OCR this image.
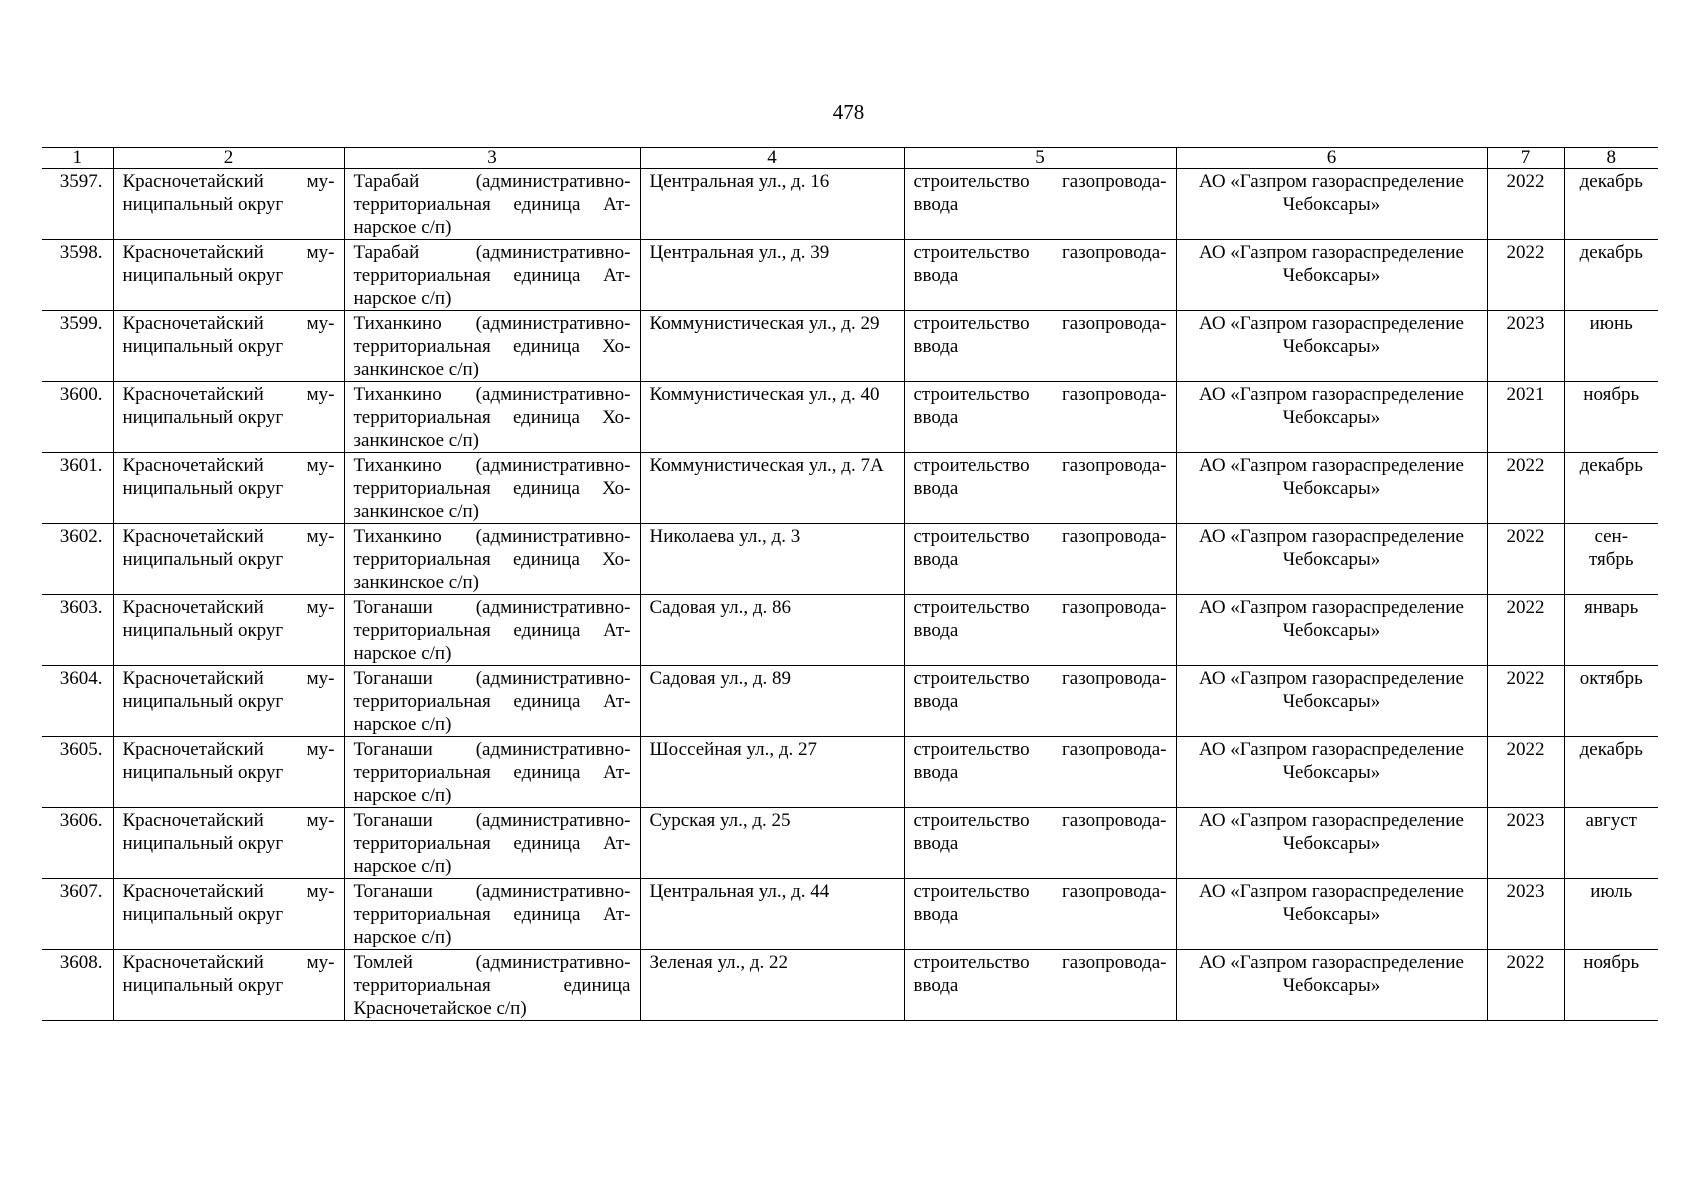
478
1	2	3	4	5	6	7	8
3597.	Красночетайский му-ниципальный округ	Тарабай (административно-территориальная единица Ат-нарское с/п)	Центральная ул., д. 16	строительство газопровода-ввода	АО «Газпром газораспределение Чебоксары»	2022	декабрь
3598.	Красночетайский му-ниципальный округ	Тарабай (административно-территориальная единица Ат-нарское с/п)	Центральная ул., д. 39	строительство газопровода-ввода	АО «Газпром газораспределение Чебоксары»	2022	декабрь
3599.	Красночетайский му-ниципальный округ	Тиханкино (административно-территориальная единица Хо-занкинское с/п)	Коммунистическая ул., д. 29	строительство газопровода-ввода	АО «Газпром газораспределение Чебоксары»	2023	июнь
3600.	Красночетайский му-ниципальный округ	Тиханкино (административно-территориальная единица Хо-занкинское с/п)	Коммунистическая ул., д. 40	строительство газопровода-ввода	АО «Газпром газораспределение Чебоксары»	2021	ноябрь
3601.	Красночетайский му-ниципальный округ	Тиханкино (административно-территориальная единица Хо-занкинское с/п)	Коммунистическая ул., д. 7А	строительство газопровода-ввода	АО «Газпром газораспределение Чебоксары»	2022	декабрь
3602.	Красночетайский му-ниципальный округ	Тиханкино (административно-территориальная единица Хо-занкинское с/п)	Николаева ул., д. 3	строительство газопровода-ввода	АО «Газпром газораспределение Чебоксары»	2022	сен-тябрь
3603.	Красночетайский му-ниципальный округ	Тоганаши (административно-территориальная единица Ат-нарское с/п)	Садовая ул., д. 86	строительство газопровода-ввода	АО «Газпром газораспределение Чебоксары»	2022	январь
3604.	Красночетайский му-ниципальный округ	Тоганаши (административно-территориальная единица Ат-нарское с/п)	Садовая ул., д. 89	строительство газопровода-ввода	АО «Газпром газораспределение Чебоксары»	2022	октябрь
3605.	Красночетайский му-ниципальный округ	Тоганаши (административно-территориальная единица Ат-нарское с/п)	Шоссейная ул., д. 27	строительство газопровода-ввода	АО «Газпром газораспределение Чебоксары»	2022	декабрь
3606.	Красночетайский му-ниципальный округ	Тоганаши (административно-территориальная единица Ат-нарское с/п)	Сурская ул., д. 25	строительство газопровода-ввода	АО «Газпром газораспределение Чебоксары»	2023	август
3607.	Красночетайский му-ниципальный округ	Тоганаши (административно-территориальная единица Ат-нарское с/п)	Центральная ул., д. 44	строительство газопровода-ввода	АО «Газпром газораспределение Чебоксары»	2023	июль
3608.	Красночетайский му-ниципальный округ	Томлей (административно-территориальная единица Красночетайское с/п)	Зеленая ул., д. 22	строительство газопровода-ввода	АО «Газпром газораспределение Чебоксары»	2022	ноябрь
